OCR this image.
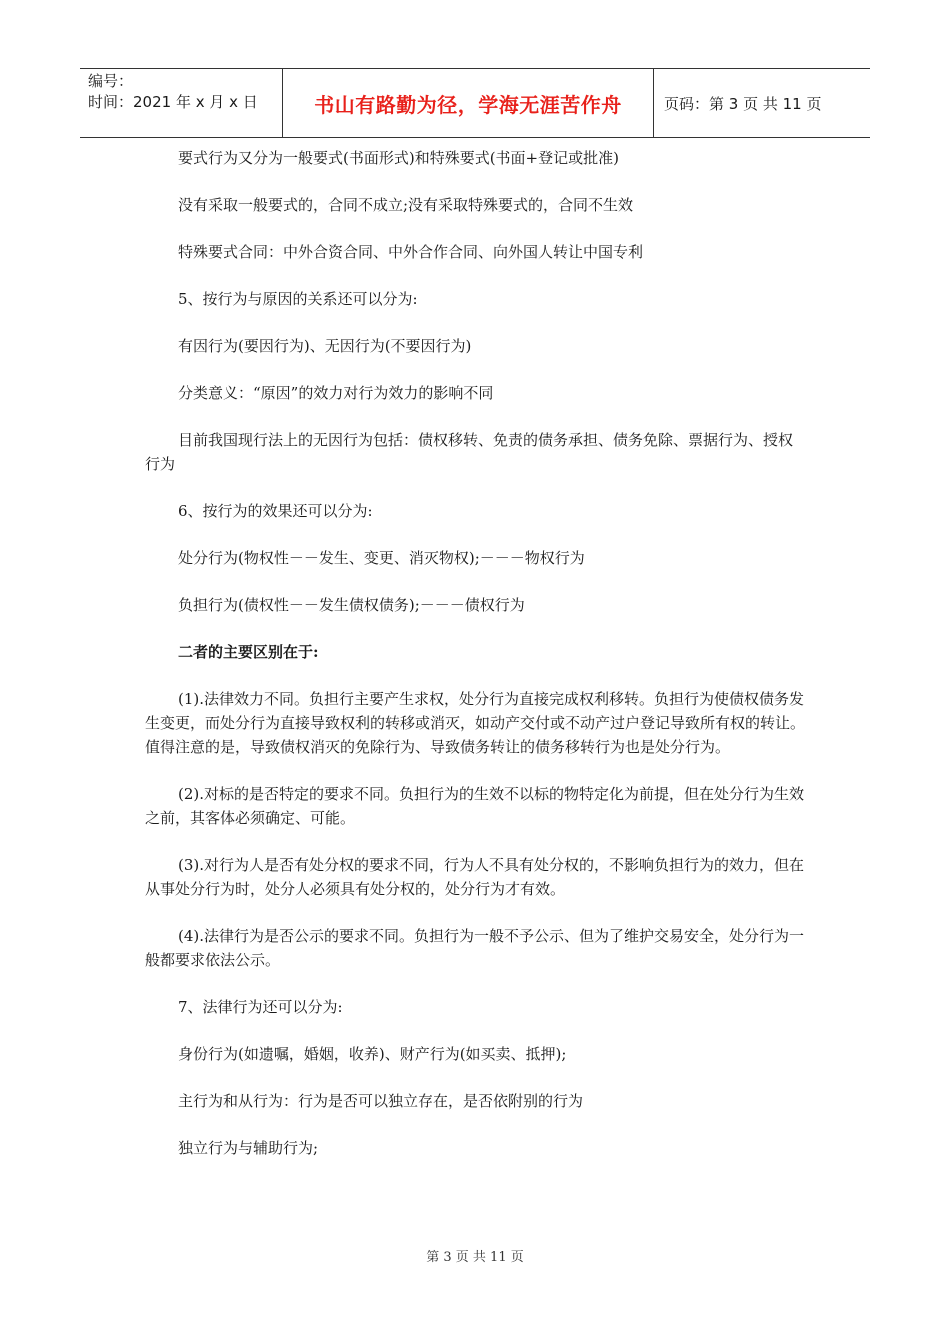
编号：
时间：2021 年 x 月 x 日	书山有路勤为径，学海无涯苦作舟	页码：第 3 页 共 11 页

要式行为又分为一般要式(书面形式)和特殊要式(书面+登记或批准)

没有采取一般要式的，合同不成立;没有采取特殊要式的，合同不生效

特殊要式合同：中外合资合同、中外合作合同、向外国人转让中国专利

5、按行为与原因的关系还可以分为:

有因行为(要因行为)、无因行为(不要因行为)

分类意义：“原因”的效力对行为效力的影响不同

目前我国现行法上的无因行为包括：债权移转、免责的债务承担、债务免除、票据行为、授权行为

6、按行为的效果还可以分为:

处分行为(物权性－－发生、变更、消灭物权);－－－物权行为

负担行为(债权性－－发生债权债务);－－－债权行为

二者的主要区别在于:

(1).法律效力不同。负担行主要产生求权，处分行为直接完成权利移转。负担行为使债权债务发生变更，而处分行为直接导致权利的转移或消灭，如动产交付或不动产过户登记导致所有权的转让。值得注意的是，导致债权消灭的免除行为、导致债务转让的债务移转行为也是处分行为。

(2).对标的是否特定的要求不同。负担行为的生效不以标的物特定化为前提，但在处分行为生效之前，其客体必须确定、可能。

(3).对行为人是否有处分权的要求不同，行为人不具有处分权的，不影响负担行为的效力，但在从事处分行为时，处分人必须具有处分权的，处分行为才有效。

(4).法律行为是否公示的要求不同。负担行为一般不予公示、但为了维护交易安全，处分行为一般都要求依法公示。

7、法律行为还可以分为:

身份行为(如遗嘱，婚姻，收养)、财产行为(如买卖、抵押);

主行为和从行为：行为是否可以独立存在，是否依附别的行为

独立行为与辅助行为;

第 3 页 共 11 页
